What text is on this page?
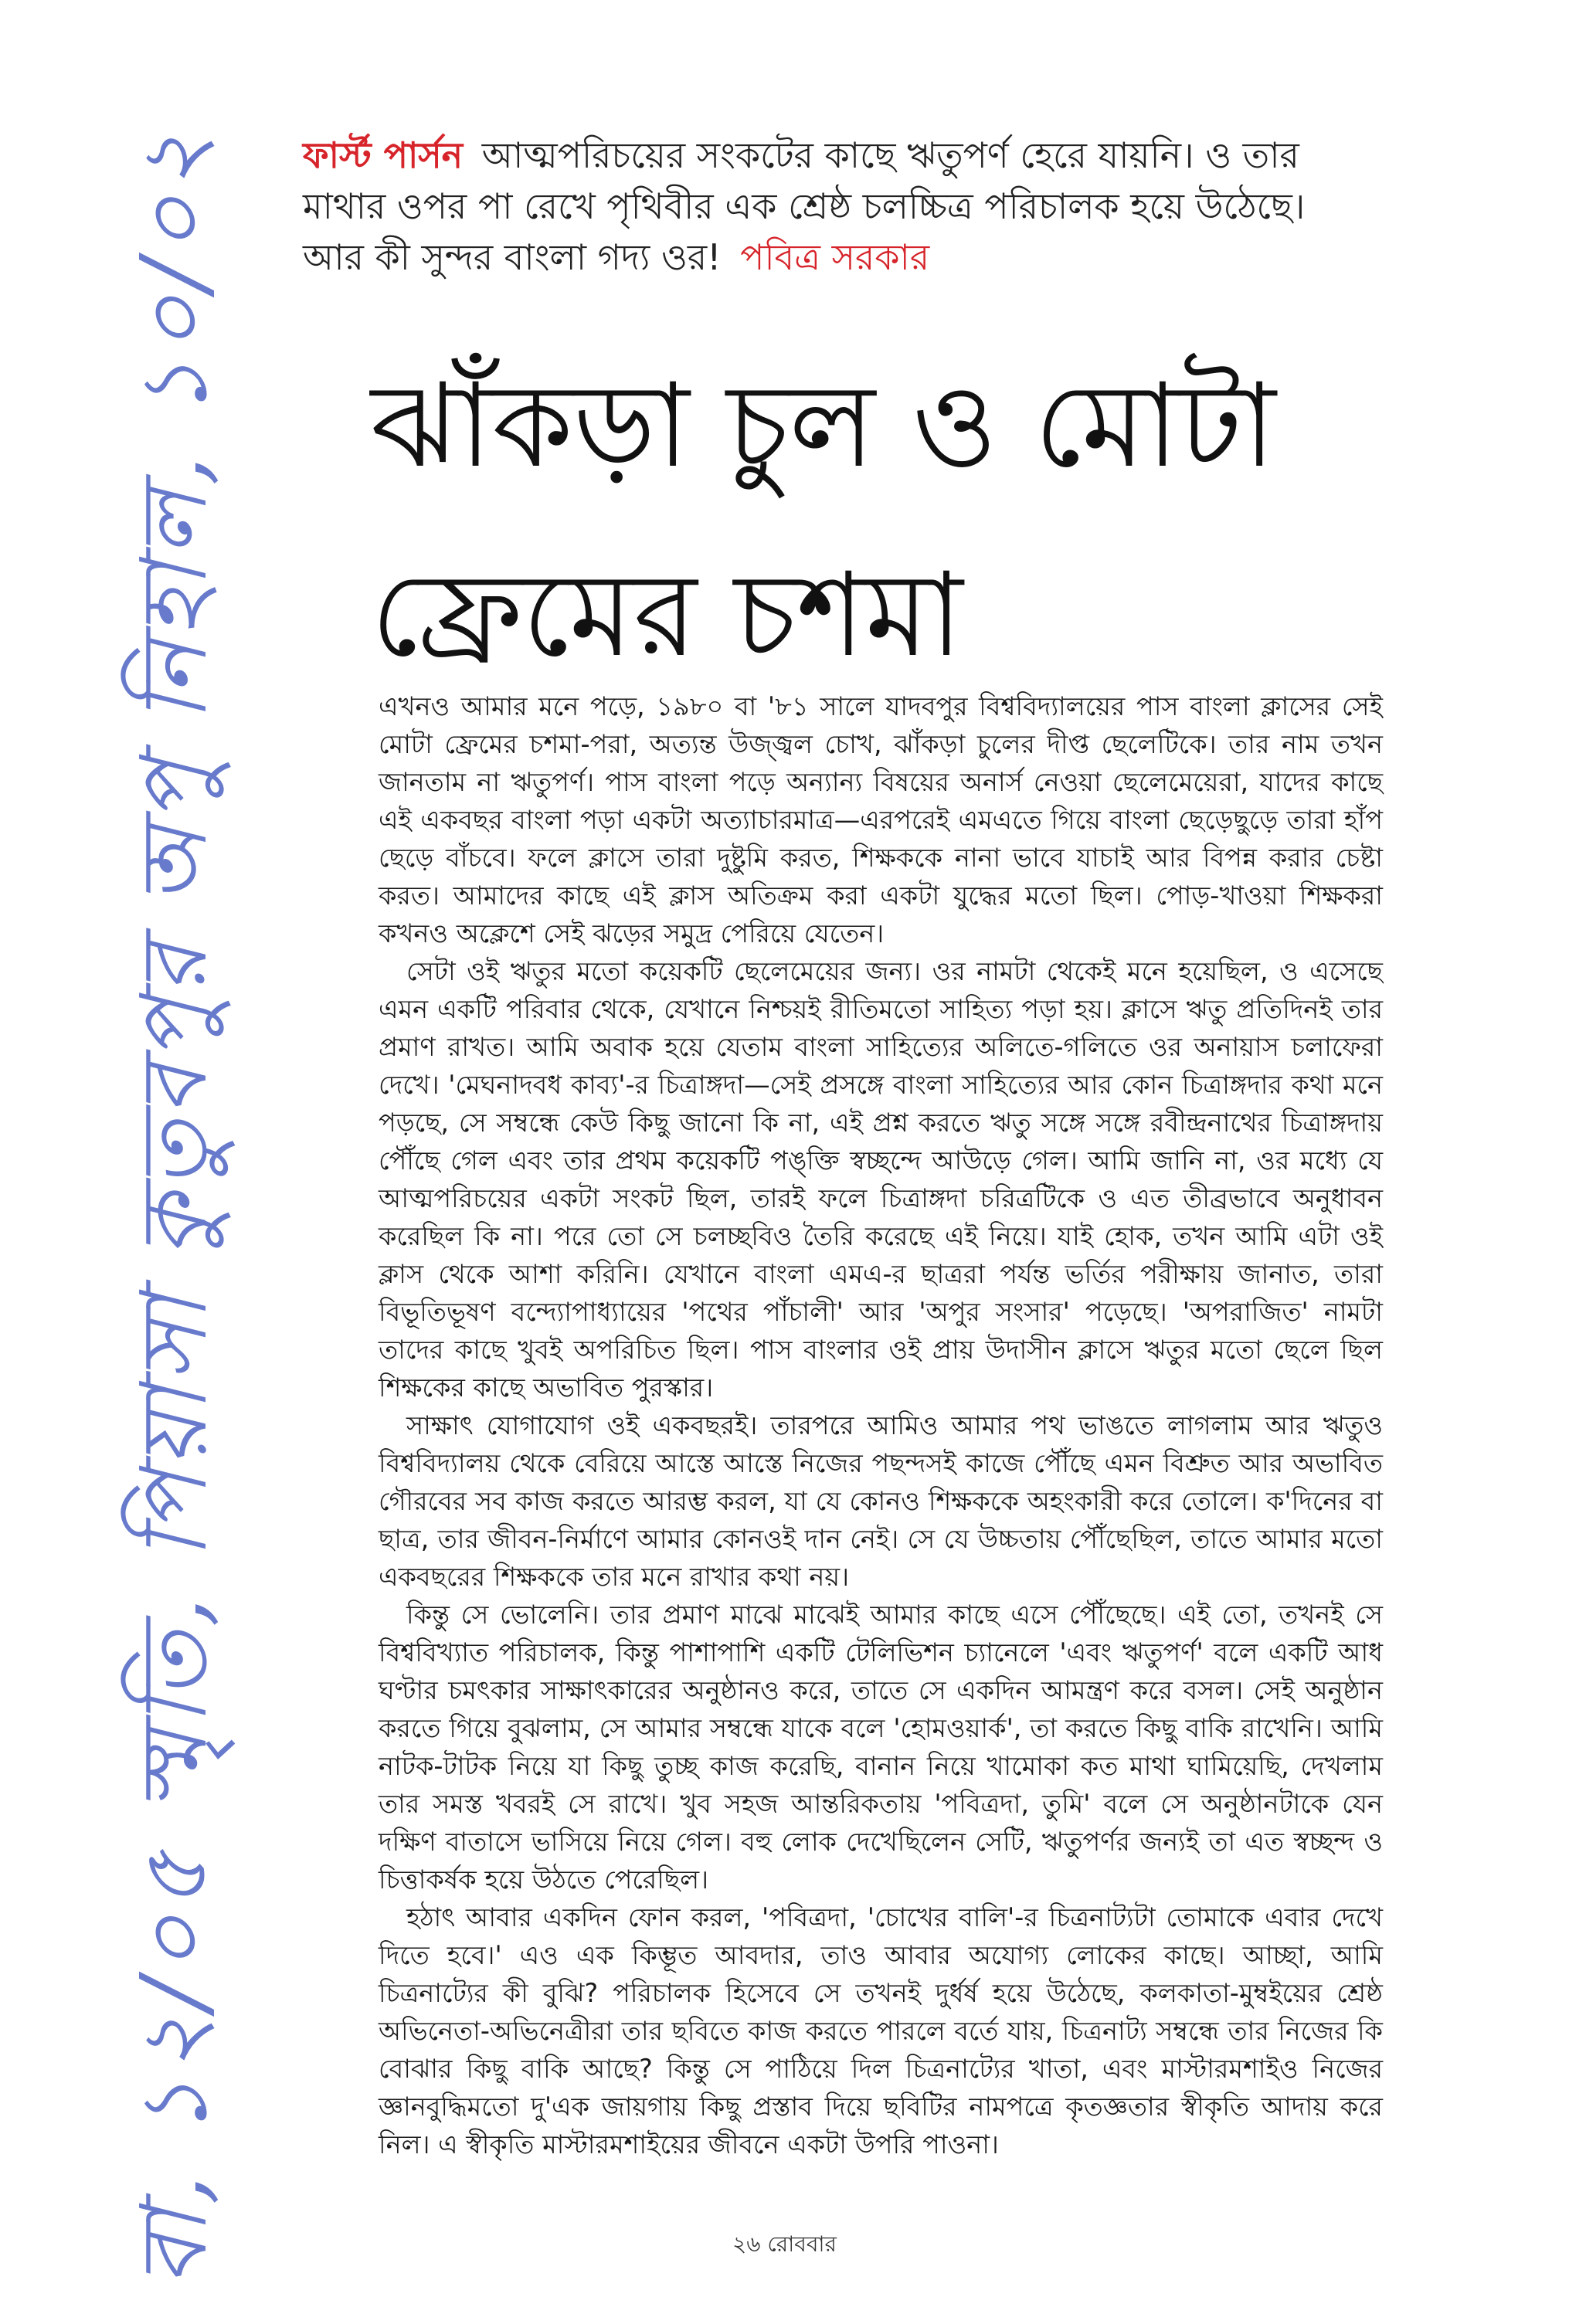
বা, ১২/০৫ স্মৃতি, পিয়াসা কুতুবপুর অপু নিহাল, ১০/০২ ফার্স্ট পার্সন আত্মপরিচয়ের সংকটের কাছে ঋতুপর্ণ হেরে যায়নি। ও তার মাথার ওপর পা রেখে পৃথিবীর এক শ্রেষ্ঠ চলচ্চিত্র পরিচালক হয়ে উঠেছে। আর কী সুন্দর বাংলা গদ্য ওর! পবিত্র সরকার
ঝাঁকড়া চুল ও মোটা ফ্রেমের চশমা

এখনও আমার মনে পড়ে, ১৯৮০ বা '৮১ সালে যাদবপুর বিশ্ববিদ্যালয়ের পাস বাংলা ক্লাসের সেই মোটা ফ্রেমের চশমা-পরা, অত্যন্ত উজ্জ্বল চোখ, ঝাঁকড়া চুলের দীপ্ত ছেলেটিকে। তার নাম তখন জানতাম না ঋতুপর্ণ। পাস বাংলা পড়ে অন্যান্য বিষয়ের অনার্স নেওয়া ছেলেমেয়েরা, যাদের কাছে এই একবছর বাংলা পড়া একটা অত্যাচারমাত্র—এরপরেই এমএতে গিয়ে বাংলা ছেড়েছুড়ে তারা হাঁপ ছেড়ে বাঁচবে। ফলে ক্লাসে তারা দুষ্টুমি করত, শিক্ষককে নানা ভাবে যাচাই আর বিপন্ন করার চেষ্টা করত। আমাদের কাছে এই ক্লাস অতিক্রম করা একটা যুদ্ধের মতো ছিল। পোড়-খাওয়া শিক্ষকরা কখনও অক্লেশে সেই ঝড়ের সমুদ্র পেরিয়ে যেতেন।

সেটা ওই ঋতুর মতো কয়েকটি ছেলেমেয়ের জন্য। ওর নামটা থেকেই মনে হয়েছিল, ও এসেছে এমন একটি পরিবার থেকে, যেখানে নিশ্চয়ই রীতিমতো সাহিত্য পড়া হয়। ক্লাসে ঋতু প্রতিদিনই তার প্রমাণ রাখত। আমি অবাক হয়ে যেতাম বাংলা সাহিত্যের অলিতে-গলিতে ওর অনায়াস চলাফেরা দেখে। 'মেঘনাদবধ কাব্য'-র চিত্রাঙ্গদা—সেই প্রসঙ্গে বাংলা সাহিত্যের আর কোন চিত্রাঙ্গদার কথা মনে পড়ছে, সে সম্বন্ধে কেউ কিছু জানো কি না, এই প্রশ্ন করতে ঋতু সঙ্গে সঙ্গে রবীন্দ্রনাথের চিত্রাঙ্গদায় পৌঁছে গেল এবং তার প্রথম কয়েকটি পঙ্‌ক্তি স্বচ্ছন্দে আউড়ে গেল। আমি জানি না, ওর মধ্যে যে আত্মপরিচয়ের একটা সংকট ছিল, তারই ফলে চিত্রাঙ্গদা চরিত্রটিকে ও এত তীব্রভাবে অনুধাবন করেছিল কি না। পরে তো সে চলচ্ছবিও তৈরি করেছে এই নিয়ে। যাই হোক, তখন আমি এটা ওই ক্লাস থেকে আশা করিনি। যেখানে বাংলা এমএ-র ছাত্ররা পর্যন্ত ভর্তির পরীক্ষায় জানাত, তারা বিভূতিভূষণ বন্দ্যোপাধ্যায়ের 'পথের পাঁচালী' আর 'অপুর সংসার' পড়েছে। 'অপরাজিত' নামটা তাদের কাছে খুবই অপরিচিত ছিল। পাস বাংলার ওই প্রায় উদাসীন ক্লাসে ঋতুর মতো ছেলে ছিল শিক্ষকের কাছে অভাবিত পুরস্কার।

সাক্ষাৎ যোগাযোগ ওই একবছরই। তারপরে আমিও আমার পথ ভাঙতে লাগলাম আর ঋতুও বিশ্ববিদ্যালয় থেকে বেরিয়ে আস্তে আস্তে নিজের পছন্দসই কাজে পৌঁছে এমন বিশ্রুত আর অভাবিত গৌরবের সব কাজ করতে আরম্ভ করল, যা যে কোনও শিক্ষককে অহংকারী করে তোলে। ক'দিনের বা ছাত্র, তার জীবন-নির্মাণে আমার কোনওই দান নেই। সে যে উচ্চতায় পৌঁছেছিল, তাতে আমার মতো একবছরের শিক্ষককে তার মনে রাখার কথা নয়।

কিন্তু সে ভোলেনি। তার প্রমাণ মাঝে মাঝেই আমার কাছে এসে পৌঁছেছে। এই তো, তখনই সে বিশ্ববিখ্যাত পরিচালক, কিন্তু পাশাপাশি একটি টেলিভিশন চ্যানেলে 'এবং ঋতুপর্ণ' বলে একটি আধ ঘণ্টার চমৎকার সাক্ষাৎকারের অনুষ্ঠানও করে, তাতে সে একদিন আমন্ত্রণ করে বসল। সেই অনুষ্ঠান করতে গিয়ে বুঝলাম, সে আমার সম্বন্ধে যাকে বলে 'হোমওয়ার্ক', তা করতে কিছু বাকি রাখেনি। আমি নাটক-টাটক নিয়ে যা কিছু তুচ্ছ কাজ করেছি, বানান নিয়ে খামোকা কত মাথা ঘামিয়েছি, দেখলাম তার সমস্ত খবরই সে রাখে। খুব সহজ আন্তরিকতায় 'পবিত্রদা, তুমি' বলে সে অনুষ্ঠানটাকে যেন দক্ষিণ বাতাসে ভাসিয়ে নিয়ে গেল। বহু লোক দেখেছিলেন সেটি, ঋতুপর্ণর জন্যই তা এত স্বচ্ছন্দ ও চিত্তাকর্ষক হয়ে উঠতে পেরেছিল।

হঠাৎ আবার একদিন ফোন করল, 'পবিত্রদা, 'চোখের বালি'-র চিত্রনাট্যটা তোমাকে এবার দেখে দিতে হবে।' এও এক কিম্ভূত আবদার, তাও আবার অযোগ্য লোকের কাছে। আচ্ছা, আমি চিত্রনাট্যের কী বুঝি? পরিচালক হিসেবে সে তখনই দুর্ধর্ষ হয়ে উঠেছে, কলকাতা-মুম্বইয়ের শ্রেষ্ঠ অভিনেতা-অভিনেত্রীরা তার ছবিতে কাজ করতে পারলে বর্তে যায়, চিত্রনাট্য সম্বন্ধে তার নিজের কি বোঝার কিছু বাকি আছে? কিন্তু সে পাঠিয়ে দিল চিত্রনাট্যের খাতা, এবং মাস্টারমশাইও নিজের জ্ঞানবুদ্ধিমতো দু'এক জায়গায় কিছু প্রস্তাব দিয়ে ছবিটির নামপত্রে কৃতজ্ঞতার স্বীকৃতি আদায় করে নিল। এ স্বীকৃতি মাস্টারমশাইয়ের জীবনে একটা উপরি পাওনা।

২৬ রোববার
